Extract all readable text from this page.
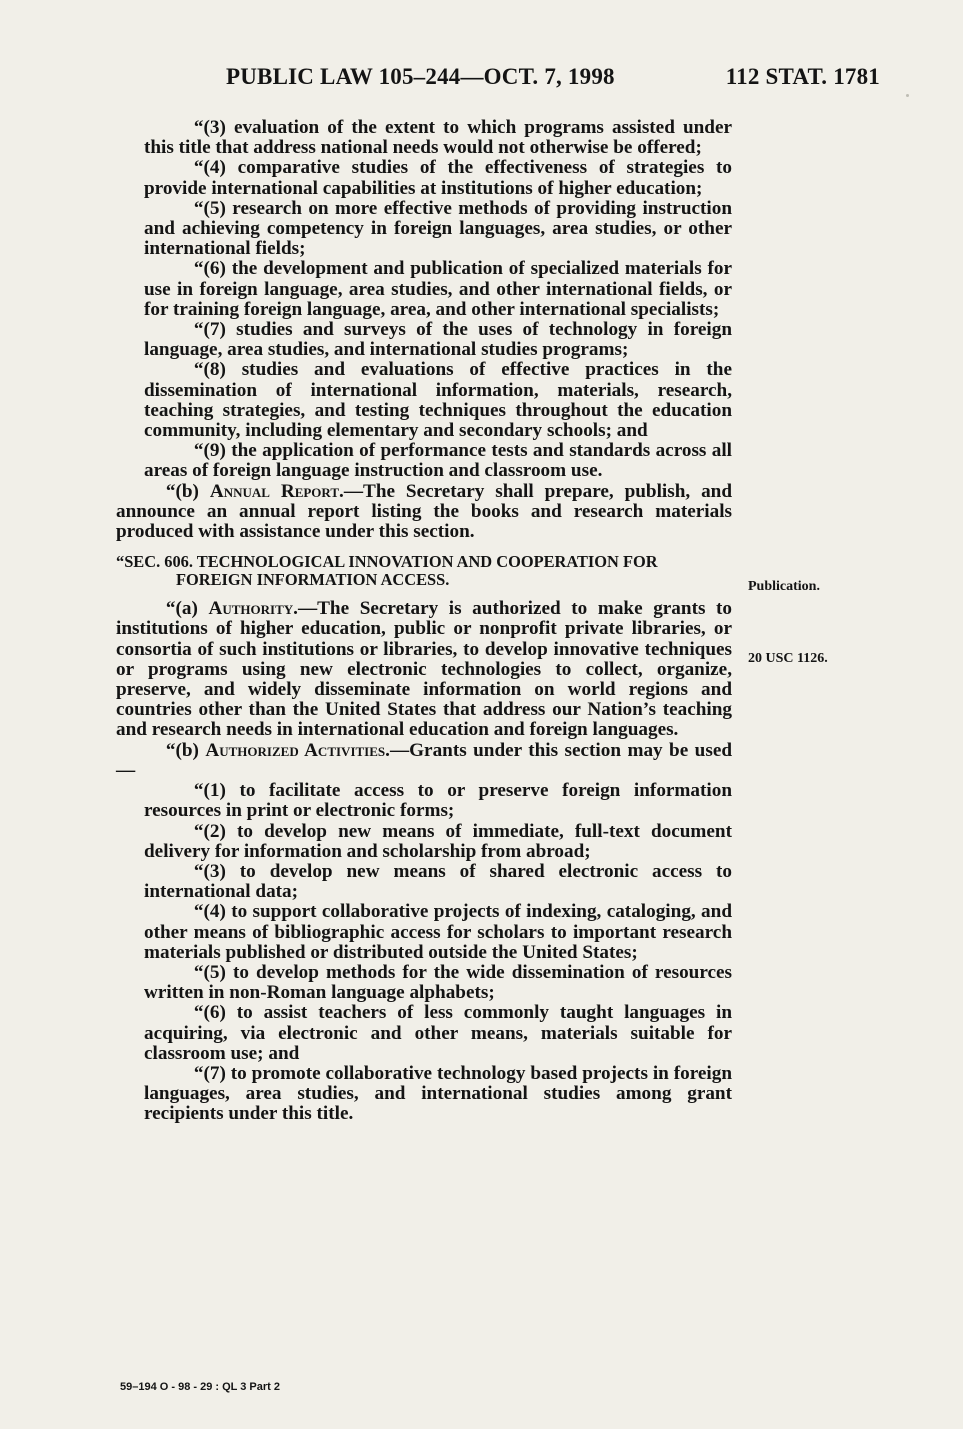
PUBLIC LAW 105–244—OCT. 7, 1998	112 STAT. 1781

“(3) evaluation of the extent to which programs assisted under this title that address national needs would not otherwise be offered;

“(4) comparative studies of the effectiveness of strategies to provide international capabilities at institutions of higher education;

“(5) research on more effective methods of providing instruction and achieving competency in foreign languages, area studies, or other international fields;

“(6) the development and publication of specialized materials for use in foreign language, area studies, and other international fields, or for training foreign language, area, and other international specialists;

“(7) studies and surveys of the uses of technology in foreign language, area studies, and international studies programs;

“(8) studies and evaluations of effective practices in the dissemination of international information, materials, research, teaching strategies, and testing techniques throughout the education community, including elementary and secondary schools; and

“(9) the application of performance tests and standards across all areas of foreign language instruction and classroom use.

“(b) Annual Report.—The Secretary shall prepare, publish, and announce an annual report listing the books and research materials produced with assistance under this section.

“SEC. 606. TECHNOLOGICAL INNOVATION AND COOPERATION FOR
FOREIGN INFORMATION ACCESS.

“(a) Authority.—The Secretary is authorized to make grants to institutions of higher education, public or nonprofit private libraries, or consortia of such institutions or libraries, to develop innovative techniques or programs using new electronic technologies to collect, organize, preserve, and widely disseminate information on world regions and countries other than the United States that address our Nation’s teaching and research needs in international education and foreign languages.

“(b) Authorized Activities.—Grants under this section may be used—

“(1) to facilitate access to or preserve foreign information resources in print or electronic forms;

“(2) to develop new means of immediate, full-text document delivery for information and scholarship from abroad;

“(3) to develop new means of shared electronic access to international data;

“(4) to support collaborative projects of indexing, cataloging, and other means of bibliographic access for scholars to important research materials published or distributed outside the United States;

“(5) to develop methods for the wide dissemination of resources written in non-Roman language alphabets;

“(6) to assist teachers of less commonly taught languages in acquiring, via electronic and other means, materials suitable for classroom use; and

“(7) to promote collaborative technology based projects in foreign languages, area studies, and international studies among grant recipients under this title.

Publication.
20 USC 1126.
59–194 O - 98 - 29 : QL 3 Part 2
